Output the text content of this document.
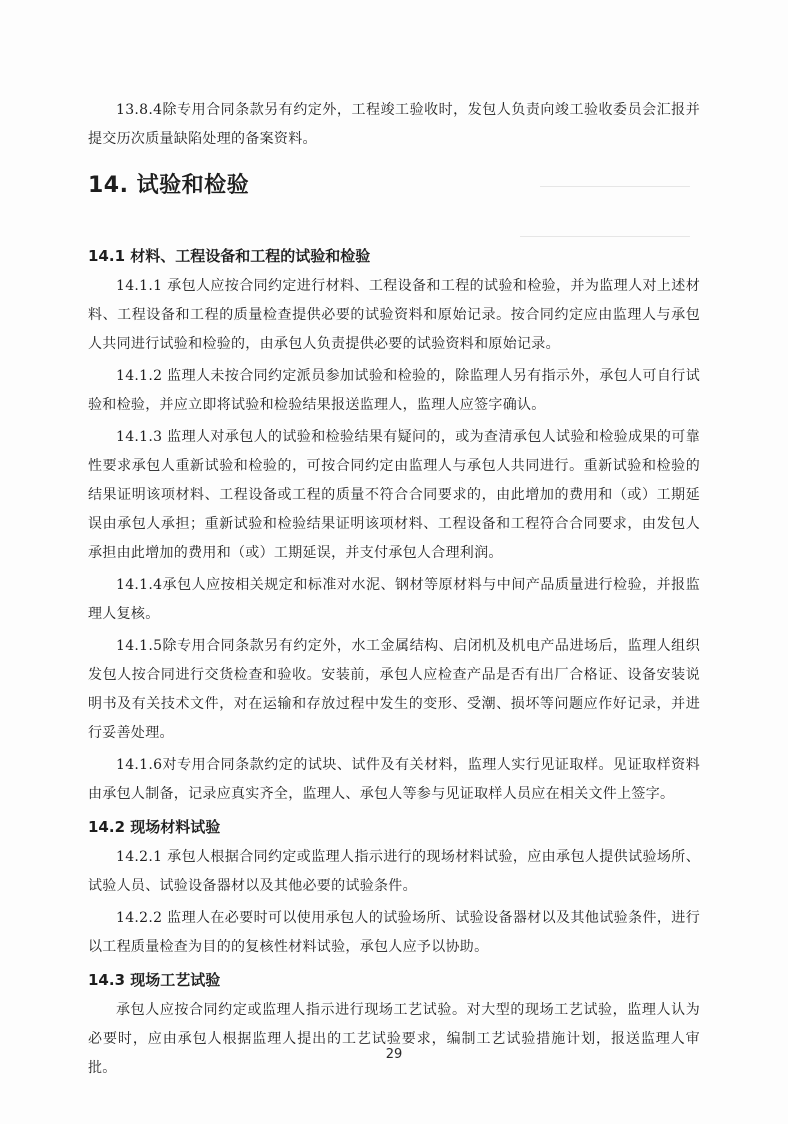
13.8.4除专用合同条款另有约定外，工程竣工验收时，发包人负责向竣工验收委员会汇报并提交历次质量缺陷处理的备案资料。

14. 试验和检验
14.1 材料、工程设备和工程的试验和检验

14.1.1 承包人应按合同约定进行材料、工程设备和工程的试验和检验，并为监理人对上述材料、工程设备和工程的质量检查提供必要的试验资料和原始记录。按合同约定应由监理人与承包人共同进行试验和检验的，由承包人负责提供必要的试验资料和原始记录。

14.1.2 监理人未按合同约定派员参加试验和检验的，除监理人另有指示外，承包人可自行试验和检验，并应立即将试验和检验结果报送监理人，监理人应签字确认。

14.1.3 监理人对承包人的试验和检验结果有疑问的，或为查清承包人试验和检验成果的可靠性要求承包人重新试验和检验的，可按合同约定由监理人与承包人共同进行。重新试验和检验的结果证明该项材料、工程设备或工程的质量不符合合同要求的，由此增加的费用和（或）工期延误由承包人承担；重新试验和检验结果证明该项材料、工程设备和工程符合合同要求，由发包人承担由此增加的费用和（或）工期延误，并支付承包人合理利润。

14.1.4承包人应按相关规定和标准对水泥、钢材等原材料与中间产品质量进行检验，并报监理人复核。

14.1.5除专用合同条款另有约定外，水工金属结构、启闭机及机电产品进场后，监理人组织发包人按合同进行交货检查和验收。安装前，承包人应检查产品是否有出厂合格证、设备安装说明书及有关技术文件，对在运输和存放过程中发生的变形、受潮、损坏等问题应作好记录，并进行妥善处理。

14.1.6对专用合同条款约定的试块、试件及有关材料，监理人实行见证取样。见证取样资料由承包人制备，记录应真实齐全，监理人、承包人等参与见证取样人员应在相关文件上签字。

14.2 现场材料试验

14.2.1 承包人根据合同约定或监理人指示进行的现场材料试验，应由承包人提供试验场所、试验人员、试验设备器材以及其他必要的试验条件。

14.2.2 监理人在必要时可以使用承包人的试验场所、试验设备器材以及其他试验条件，进行以工程质量检查为目的的复核性材料试验，承包人应予以协助。

14.3 现场工艺试验

承包人应按合同约定或监理人指示进行现场工艺试验。对大型的现场工艺试验，监理人认为必要时，应由承包人根据监理人提出的工艺试验要求，编制工艺试验措施计划，报送监理人审批。

29
